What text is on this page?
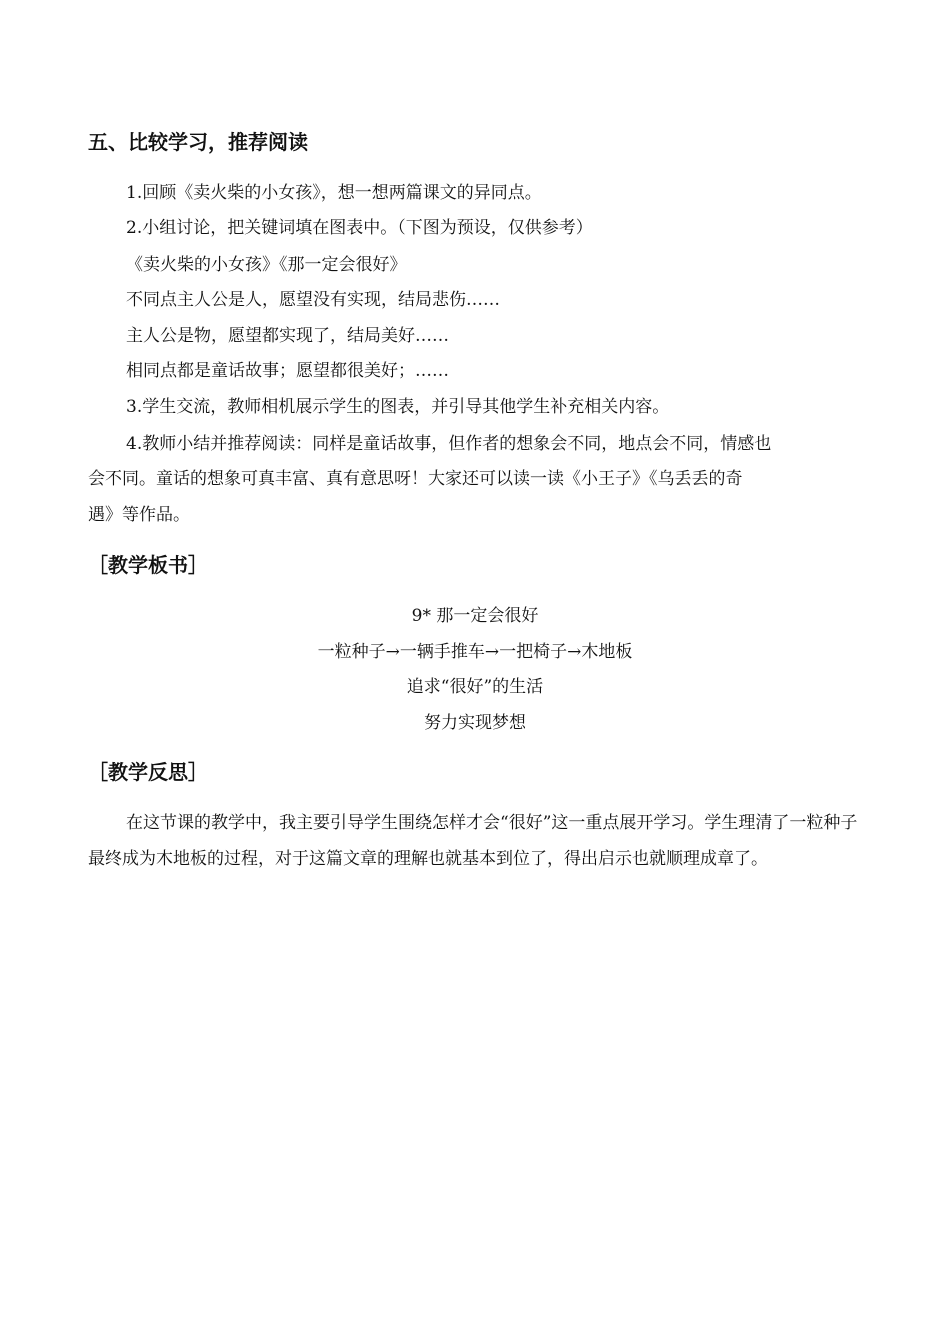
五、比较学习，推荐阅读
1.回顾《卖火柴的小女孩》，想一想两篇课文的异同点。
2.小组讨论，把关键词填在图表中。（下图为预设，仅供参考）
《卖火柴的小女孩》《那一定会很好》
不同点主人公是人，愿望没有实现，结局悲伤……
主人公是物，愿望都实现了，结局美好……
相同点都是童话故事；愿望都很美好；……
3.学生交流，教师相机展示学生的图表，并引导其他学生补充相关内容。
4.教师小结并推荐阅读：同样是童话故事，但作者的想象会不同，地点会不同，情感也
会不同。童话的想象可真丰富、真有意思呀！大家还可以读一读《小王子》《乌丢丢的奇
遇》等作品。
［教学板书］
9* 那一定会很好
一粒种子→一辆手推车→一把椅子→木地板
追求“很好”的生活
努力实现梦想
［教学反思］
在这节课的教学中，我主要引导学生围绕怎样才会“很好”这一重点展开学习。学生理清了一粒种子最终成为木地板的过程，对于这篇文章的理解也就基本到位了，得出启示也就顺理成章了。
